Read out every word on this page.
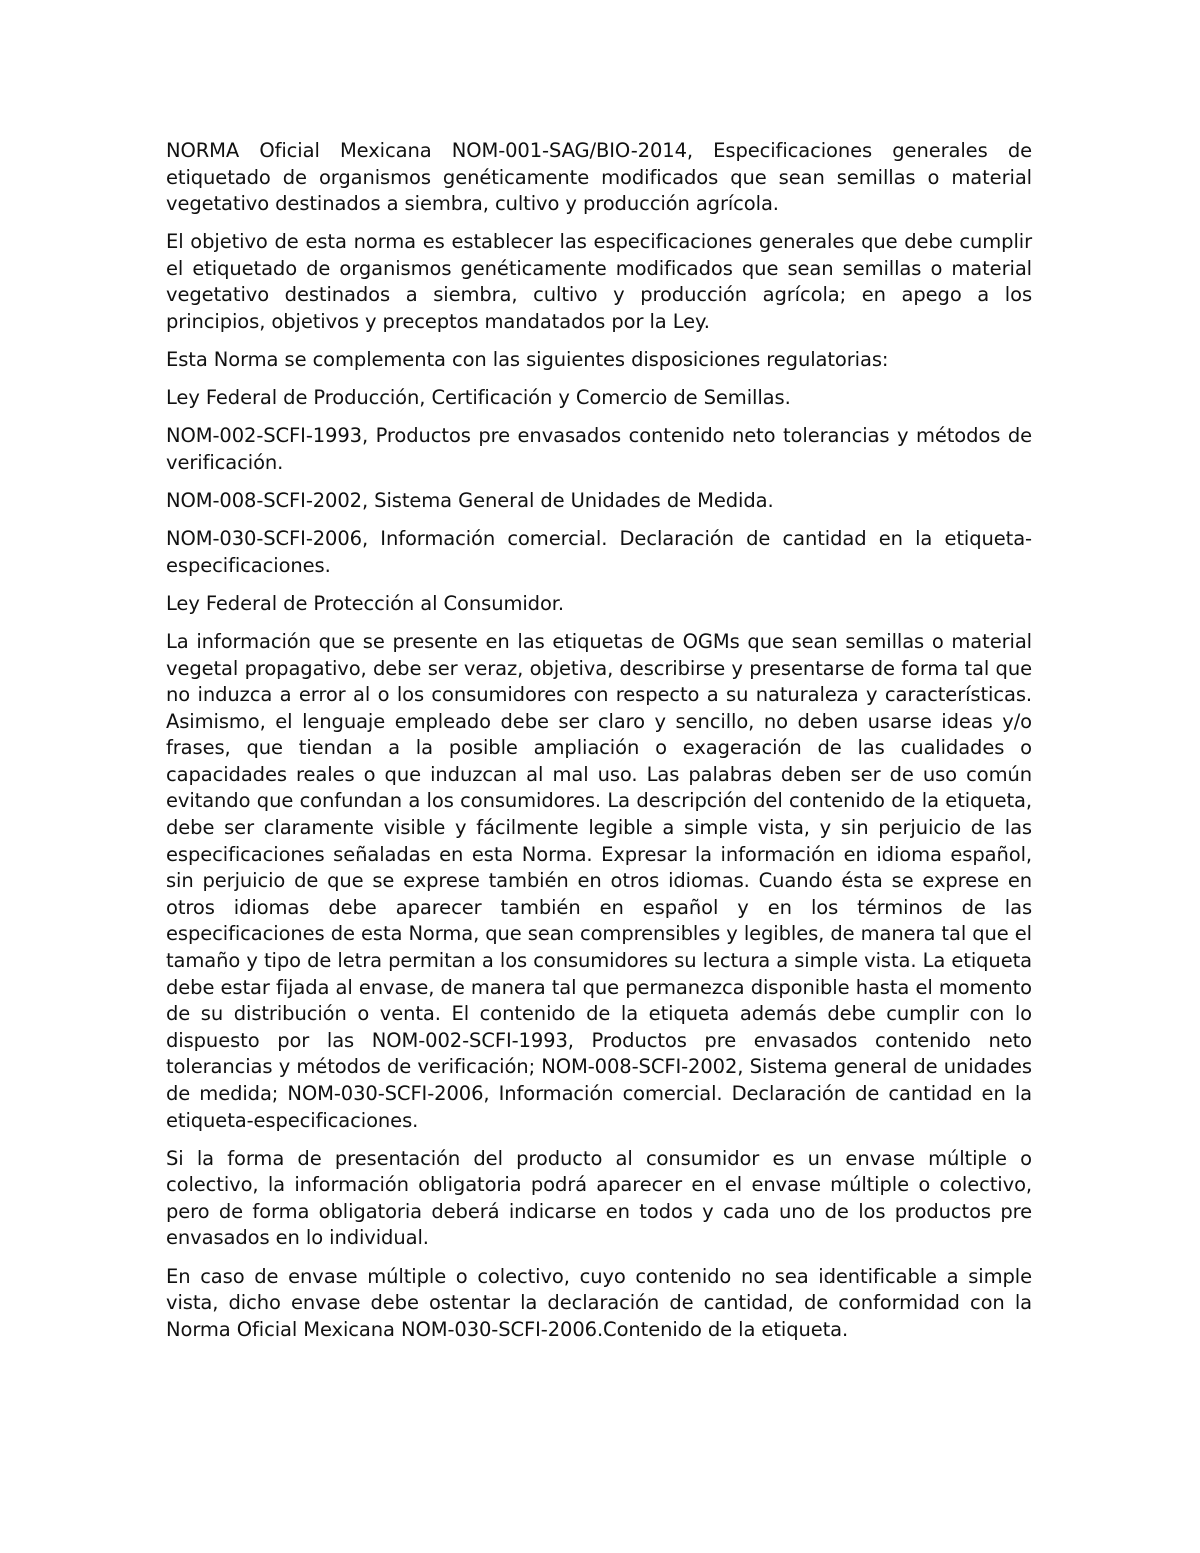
NORMA Oficial Mexicana NOM-001-SAG/BIO-2014, Especificaciones generales de etiquetado de organismos genéticamente modificados que sean semillas o material vegetativo destinados a siembra, cultivo y producción agrícola.

El objetivo de esta norma es establecer las especificaciones generales que debe cumplir el etiquetado de organismos genéticamente modificados que sean semillas o material vegetativo destinados a siembra, cultivo y producción agrícola; en apego a los principios, objetivos y preceptos mandatados por la Ley.

Esta Norma se complementa con las siguientes disposiciones regulatorias:

Ley Federal de Producción, Certificación y Comercio de Semillas.

NOM-002-SCFI-1993, Productos pre envasados contenido neto tolerancias y métodos de verificación.

NOM-008-SCFI-2002, Sistema General de Unidades de Medida.

NOM-030-SCFI-2006, Información comercial. Declaración de cantidad en la etiqueta-especificaciones.

Ley Federal de Protección al Consumidor.

La información que se presente en las etiquetas de OGMs que sean semillas o material vegetal propagativo, debe ser veraz, objetiva, describirse y presentarse de forma tal que no induzca a error al o los consumidores con respecto a su naturaleza y características. Asimismo, el lenguaje empleado debe ser claro y sencillo, no deben usarse ideas y/o frases, que tiendan a la posible ampliación o exageración de las cualidades o capacidades reales o que induzcan al mal uso. Las palabras deben ser de uso común evitando que confundan a los consumidores. La descripción del contenido de la etiqueta, debe ser claramente visible y fácilmente legible a simple vista, y sin perjuicio de las especificaciones señaladas en esta Norma. Expresar la información en idioma español, sin perjuicio de que se exprese también en otros idiomas. Cuando ésta se exprese en otros idiomas debe aparecer también en español y en los términos de las especificaciones de esta Norma, que sean comprensibles y legibles, de manera tal que el tamaño y tipo de letra permitan a los consumidores su lectura a simple vista. La etiqueta debe estar fijada al envase, de manera tal que permanezca disponible hasta el momento de su distribución o venta. El contenido de la etiqueta además debe cumplir con lo dispuesto por las NOM-002-SCFI-1993, Productos pre envasados contenido neto tolerancias y métodos de verificación; NOM-008-SCFI-2002, Sistema general de unidades de medida; NOM-030-SCFI-2006, Información comercial. Declaración de cantidad en la etiqueta-especificaciones.

Si la forma de presentación del producto al consumidor es un envase múltiple o colectivo, la información obligatoria podrá aparecer en el envase múltiple o colectivo, pero de forma obligatoria deberá indicarse en todos y cada uno de los productos pre envasados en lo individual.

En caso de envase múltiple o colectivo, cuyo contenido no sea identificable a simple vista, dicho envase debe ostentar la declaración de cantidad, de conformidad con la Norma Oficial Mexicana NOM-030-SCFI-2006.Contenido de la etiqueta.
